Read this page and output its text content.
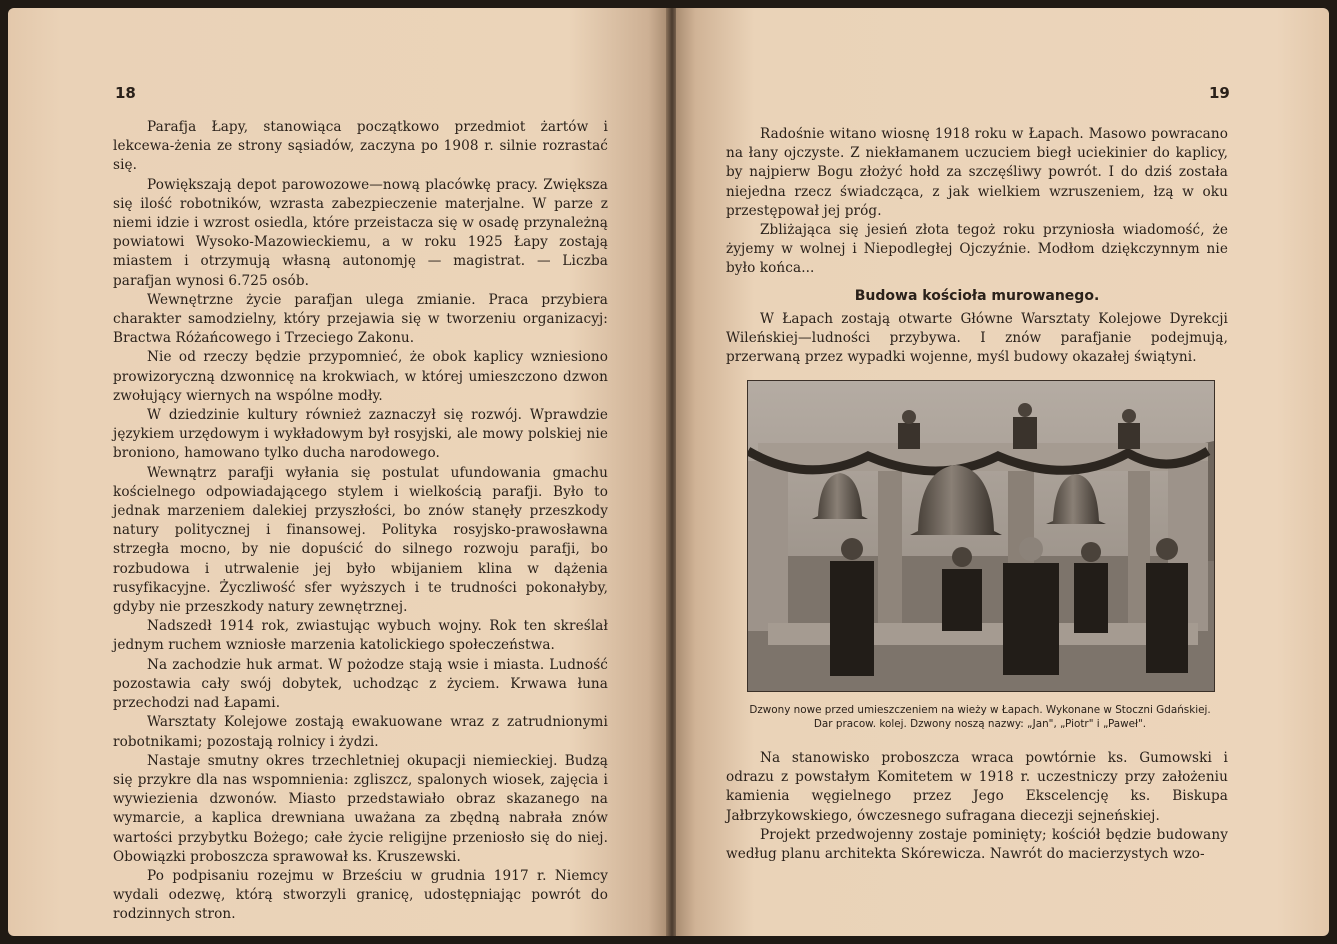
18

Parafja Łapy, stanowiąca początkowo przedmiot żartów i lekcewa-żenia ze strony sąsiadów, zaczyna po 1908 r. silnie rozrastać się.

Powiększają depot parowozowe—nową placówkę pracy. Zwiększa się ilość robotników, wzrasta zabezpieczenie materjalne. W parze z niemi idzie i wzrost osiedla, które przeistacza się w osadę przynależną powiatowi Wysoko-Mazowieckiemu, a w roku 1925 Łapy zostają miastem i otrzymują własną autonomję — magistrat. — Liczba parafjan wynosi 6.725 osób.

Wewnętrzne życie parafjan ulega zmianie. Praca przybiera charakter samodzielny, który przejawia się w tworzeniu organizacyj: Bractwa Różańcowego i Trzeciego Zakonu.

Nie od rzeczy będzie przypomnieć, że obok kaplicy wzniesiono prowizoryczną dzwonnicę na krokwiach, w której umieszczono dzwon zwołujący wiernych na wspólne modły.

W dziedzinie kultury również zaznaczył się rozwój. Wprawdzie językiem urzędowym i wykładowym był rosyjski, ale mowy polskiej nie broniono, hamowano tylko ducha narodowego.

Wewnątrz parafji wyłania się postulat ufundowania gmachu kościelnego odpowiadającego stylem i wielkością parafji. Było to jednak marzeniem dalekiej przyszłości, bo znów stanęły przeszkody natury politycznej i finansowej. Polityka rosyjsko-prawosławna strzegła mocno, by nie dopuścić do silnego rozwoju parafji, bo rozbudowa i utrwalenie jej było wbijaniem klina w dążenia rusyfikacyjne. Życzliwość sfer wyższych i te trudności pokonałyby, gdyby nie przeszkody natury zewnętrznej.

Nadszedł 1914 rok, zwiastując wybuch wojny. Rok ten skreślał jednym ruchem wzniosłe marzenia katolickiego społeczeństwa.

Na zachodzie huk armat. W pożodze stają wsie i miasta. Ludność pozostawia cały swój dobytek, uchodząc z życiem. Krwawa łuna przechodzi nad Łapami.

Warsztaty Kolejowe zostają ewakuowane wraz z zatrudnionymi robotnikami; pozostają rolnicy i żydzi.

Nastaje smutny okres trzechletniej okupacji niemieckiej. Budzą się przykre dla nas wspomnienia: zgliszcz, spalonych wiosek, zajęcia i wywiezienia dzwonów. Miasto przedstawiało obraz skazanego na wymarcie, a kaplica drewniana uważana za zbędną nabrała znów wartości przybytku Bożego; całe życie religijne przeniosło się do niej. Obowiązki proboszcza sprawował ks. Kruszewski.

Po podpisaniu rozejmu w Brześciu w grudnia 1917 r. Niemcy wydali odezwę, którą stworzyli granicę, udostępniając powrót do rodzinnych stron.

19

Radośnie witano wiosnę 1918 roku w Łapach. Masowo powracano na łany ojczyste. Z niekłamanem uczuciem biegł uciekinier do kaplicy, by najpierw Bogu złożyć hołd za szczęśliwy powrót. I do dziś została niejedna rzecz świadcząca, z jak wielkiem wzruszeniem, łzą w oku przestępował jej próg.

Zbliżająca się jesień złota tegoż roku przyniosła wiadomość, że żyjemy w wolnej i Niepodległej Ojczyźnie. Modłom dziękczynnym nie było końca...

Budowa kościoła murowanego.

W Łapach zostają otwarte Główne Warsztaty Kolejowe Dyrekcji Wileńskiej—ludności przybywa. I znów parafjanie podejmują, przerwaną przez wypadki wojenne, myśl budowy okazałej świątyni.

Dzwony nowe przed umieszczeniem na wieży w Łapach. Wykonane w Stoczni Gdańskiej. Dar pracow. kolej. Dzwony noszą nazwy: „Jan", „Piotr" i „Paweł".

Na stanowisko proboszcza wraca powtórnie ks. Gumowski i odrazu z powstałym Komitetem w 1918 r. uczestniczy przy założeniu kamienia węgielnego przez Jego Ekscelencję ks. Biskupa Jałbrzykowskiego, ówczesnego sufragana diecezji sejneńskiej.

Projekt przedwojenny zostaje pominięty; kościół będzie budowany według planu architekta Skórewicza. Nawrót do macierzystych wzo-
